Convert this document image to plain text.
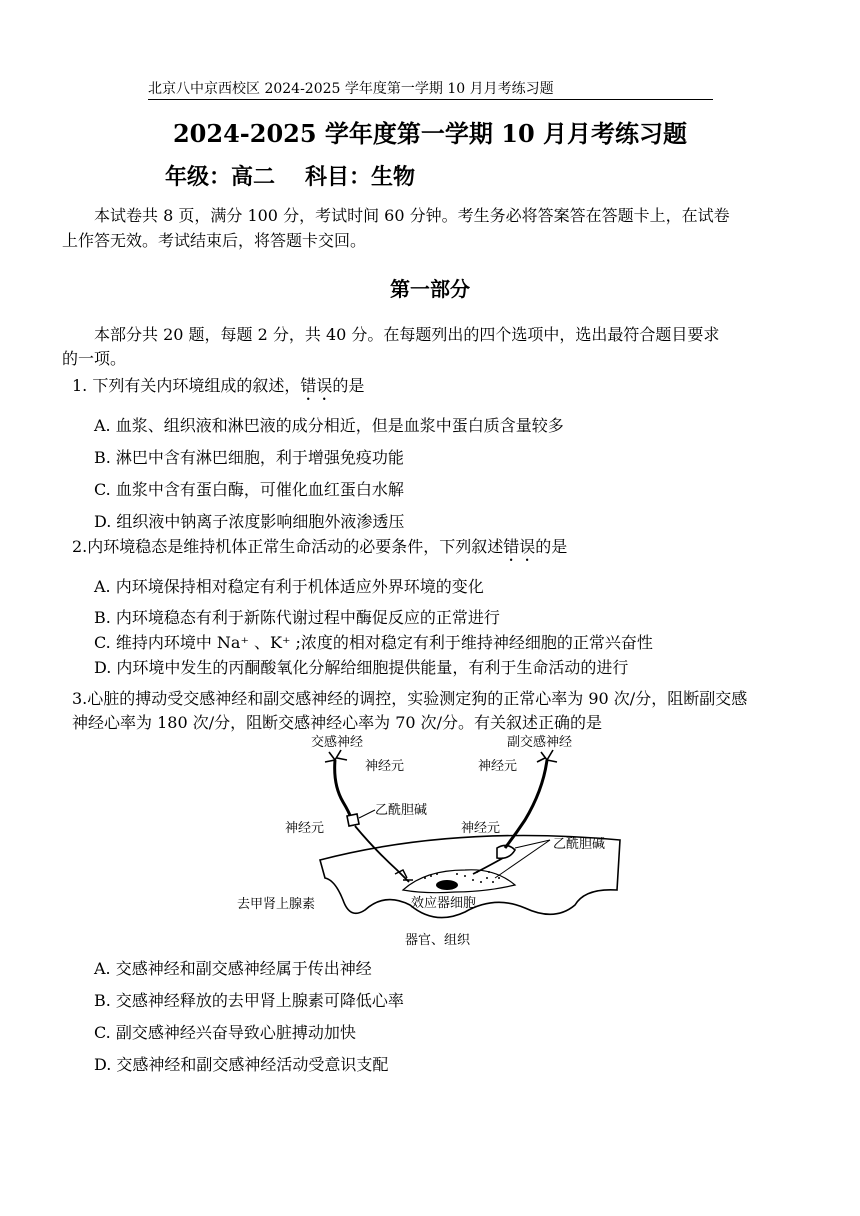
北京八中京西校区 2024-2025 学年度第一学期 10 月月考练习题
2024-2025 学年度第一学期 10 月月考练习题
年级：高二 科目：生物
本试卷共 8 页，满分 100 分，考试时间 60 分钟。考生务必将答案答在答题卡上，在试卷
上作答无效。考试结束后，将答题卡交回。
第一部分
本部分共 20 题，每题 2 分，共 40 分。在每题列出的四个选项中，选出最符合题目要求
的一项。
1. 下列有关内环境组成的叙述，错误的是
A. 血浆、组织液和淋巴液的成分相近，但是血浆中蛋白质含量较多
B. 淋巴中含有淋巴细胞，利于增强免疫功能
C. 血浆中含有蛋白酶，可催化血红蛋白水解
D. 组织液中钠离子浓度影响细胞外液渗透压
2.内环境稳态是维持机体正常生命活动的必要条件，下列叙述错误的是
A. 内环境保持相对稳定有利于机体适应外界环境的变化
B. 内环境稳态有利于新陈代谢过程中酶促反应的正常进行
C. 维持内环境中 Na⁺ 、K⁺ ;浓度的相对稳定有利于维持神经细胞的正常兴奋性
D. 内环境中发生的丙酮酸氧化分解给细胞提供能量，有利于生命活动的进行
3.心脏的搏动受交感神经和副交感神经的调控，实验测定狗的正常心率为 90 次/分，阻断副交感
神经心率为 180 次/分，阻断交感神经心率为 70 次/分。有关叙述正确的是
交感神经	副交感神经
神经元	神经元
乙酰胆碱
神经元	神经元
乙酰胆碱
去甲肾上腺素	效应器细胞
器官、组织
A. 交感神经和副交感神经属于传出神经
B. 交感神经释放的去甲肾上腺素可降低心率
C. 副交感神经兴奋导致心脏搏动加快
D. 交感神经和副交感神经活动受意识支配
